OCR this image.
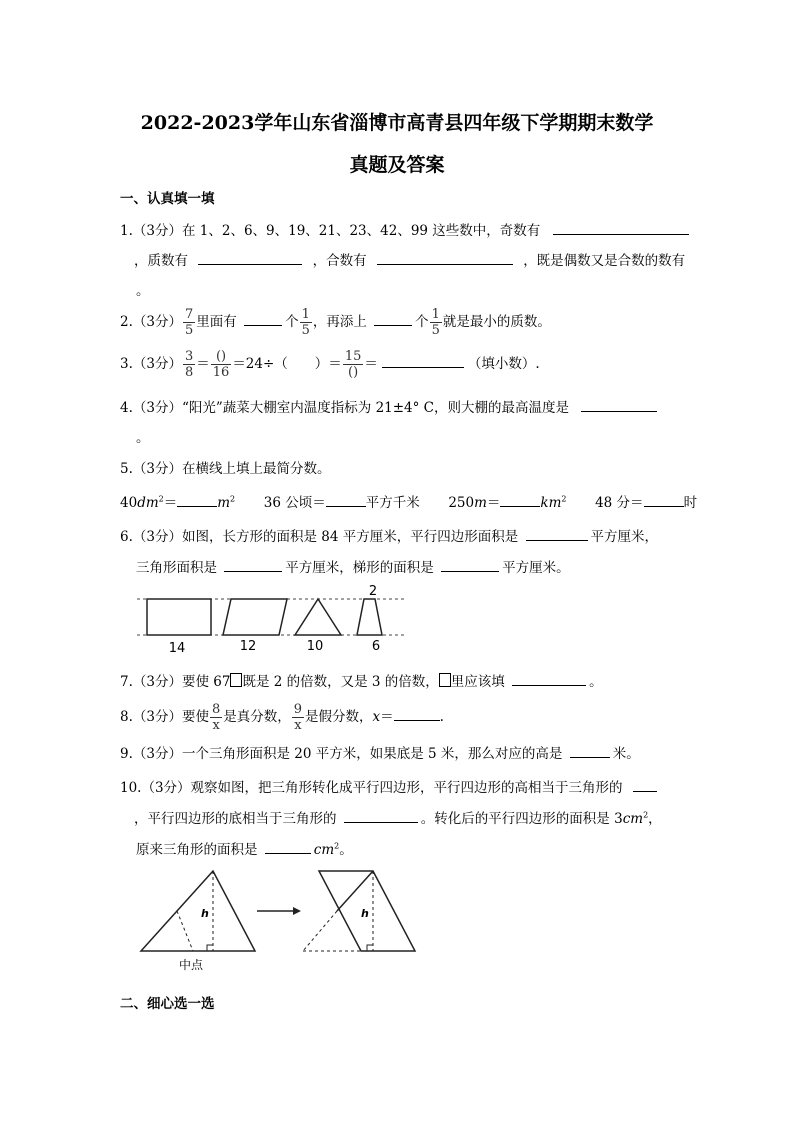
2022-2023学年山东省淄博市高青县四年级下学期期末数学
真题及答案
一、认真填一填
1.（3分）在 1、2、6、9、19、21、23、42、99 这些数中，奇数有
，质数有	，合数有	，既是偶数又是合数的数有
。
2.（3分） $\frac{7}{5}$ 里面有	个 $\frac{1}{5}$ ，再添上	个 $\frac{1}{5}$ 就是最小的质数。
3.（3分） $\frac{3}{8} = \frac{()}{16} =24\div$（　　）＝ $\frac{15}{()}$ ＝	（填小数）.
4.（3分）“阳光”蔬菜大棚室内温度指标为 21±4° C，则大棚的最高温度是
。
5.（3分）在横线上填上最简分数。
$40dm^2=$	$m^2$ 36 公顷＝	平方千米 250m＝	$km^2$ 48 分＝	时
6.（3分）如图，长方形的面积是 84 平方厘米，平行四边形面积是	平方厘米，
三角形面积是	平方厘米，梯形的面积是	平方厘米。
14	12	10
2
6
7.（3分）要使 67 既是 2 的倍数，又是 3 的倍数， 里应该填	。
8.（3分）要使 $\frac{8}{x}$ 是真分数， $\frac{9}{x}$ 是假分数，x＝	.
9.（3分）一个三角形面积是 20 平方米，如果底是 5 米，那么对应的高是	米。
10.（3分）观察如图，把三角形转化成平行四边形，平行四边形的高相当于三角形的
，平行四边形的底相当于三角形的	。转化后的平行四边形的面积是 $3cm^2$，
原来三角形的面积是	$cm^2$。
h
中点
h
二、细心选一选
